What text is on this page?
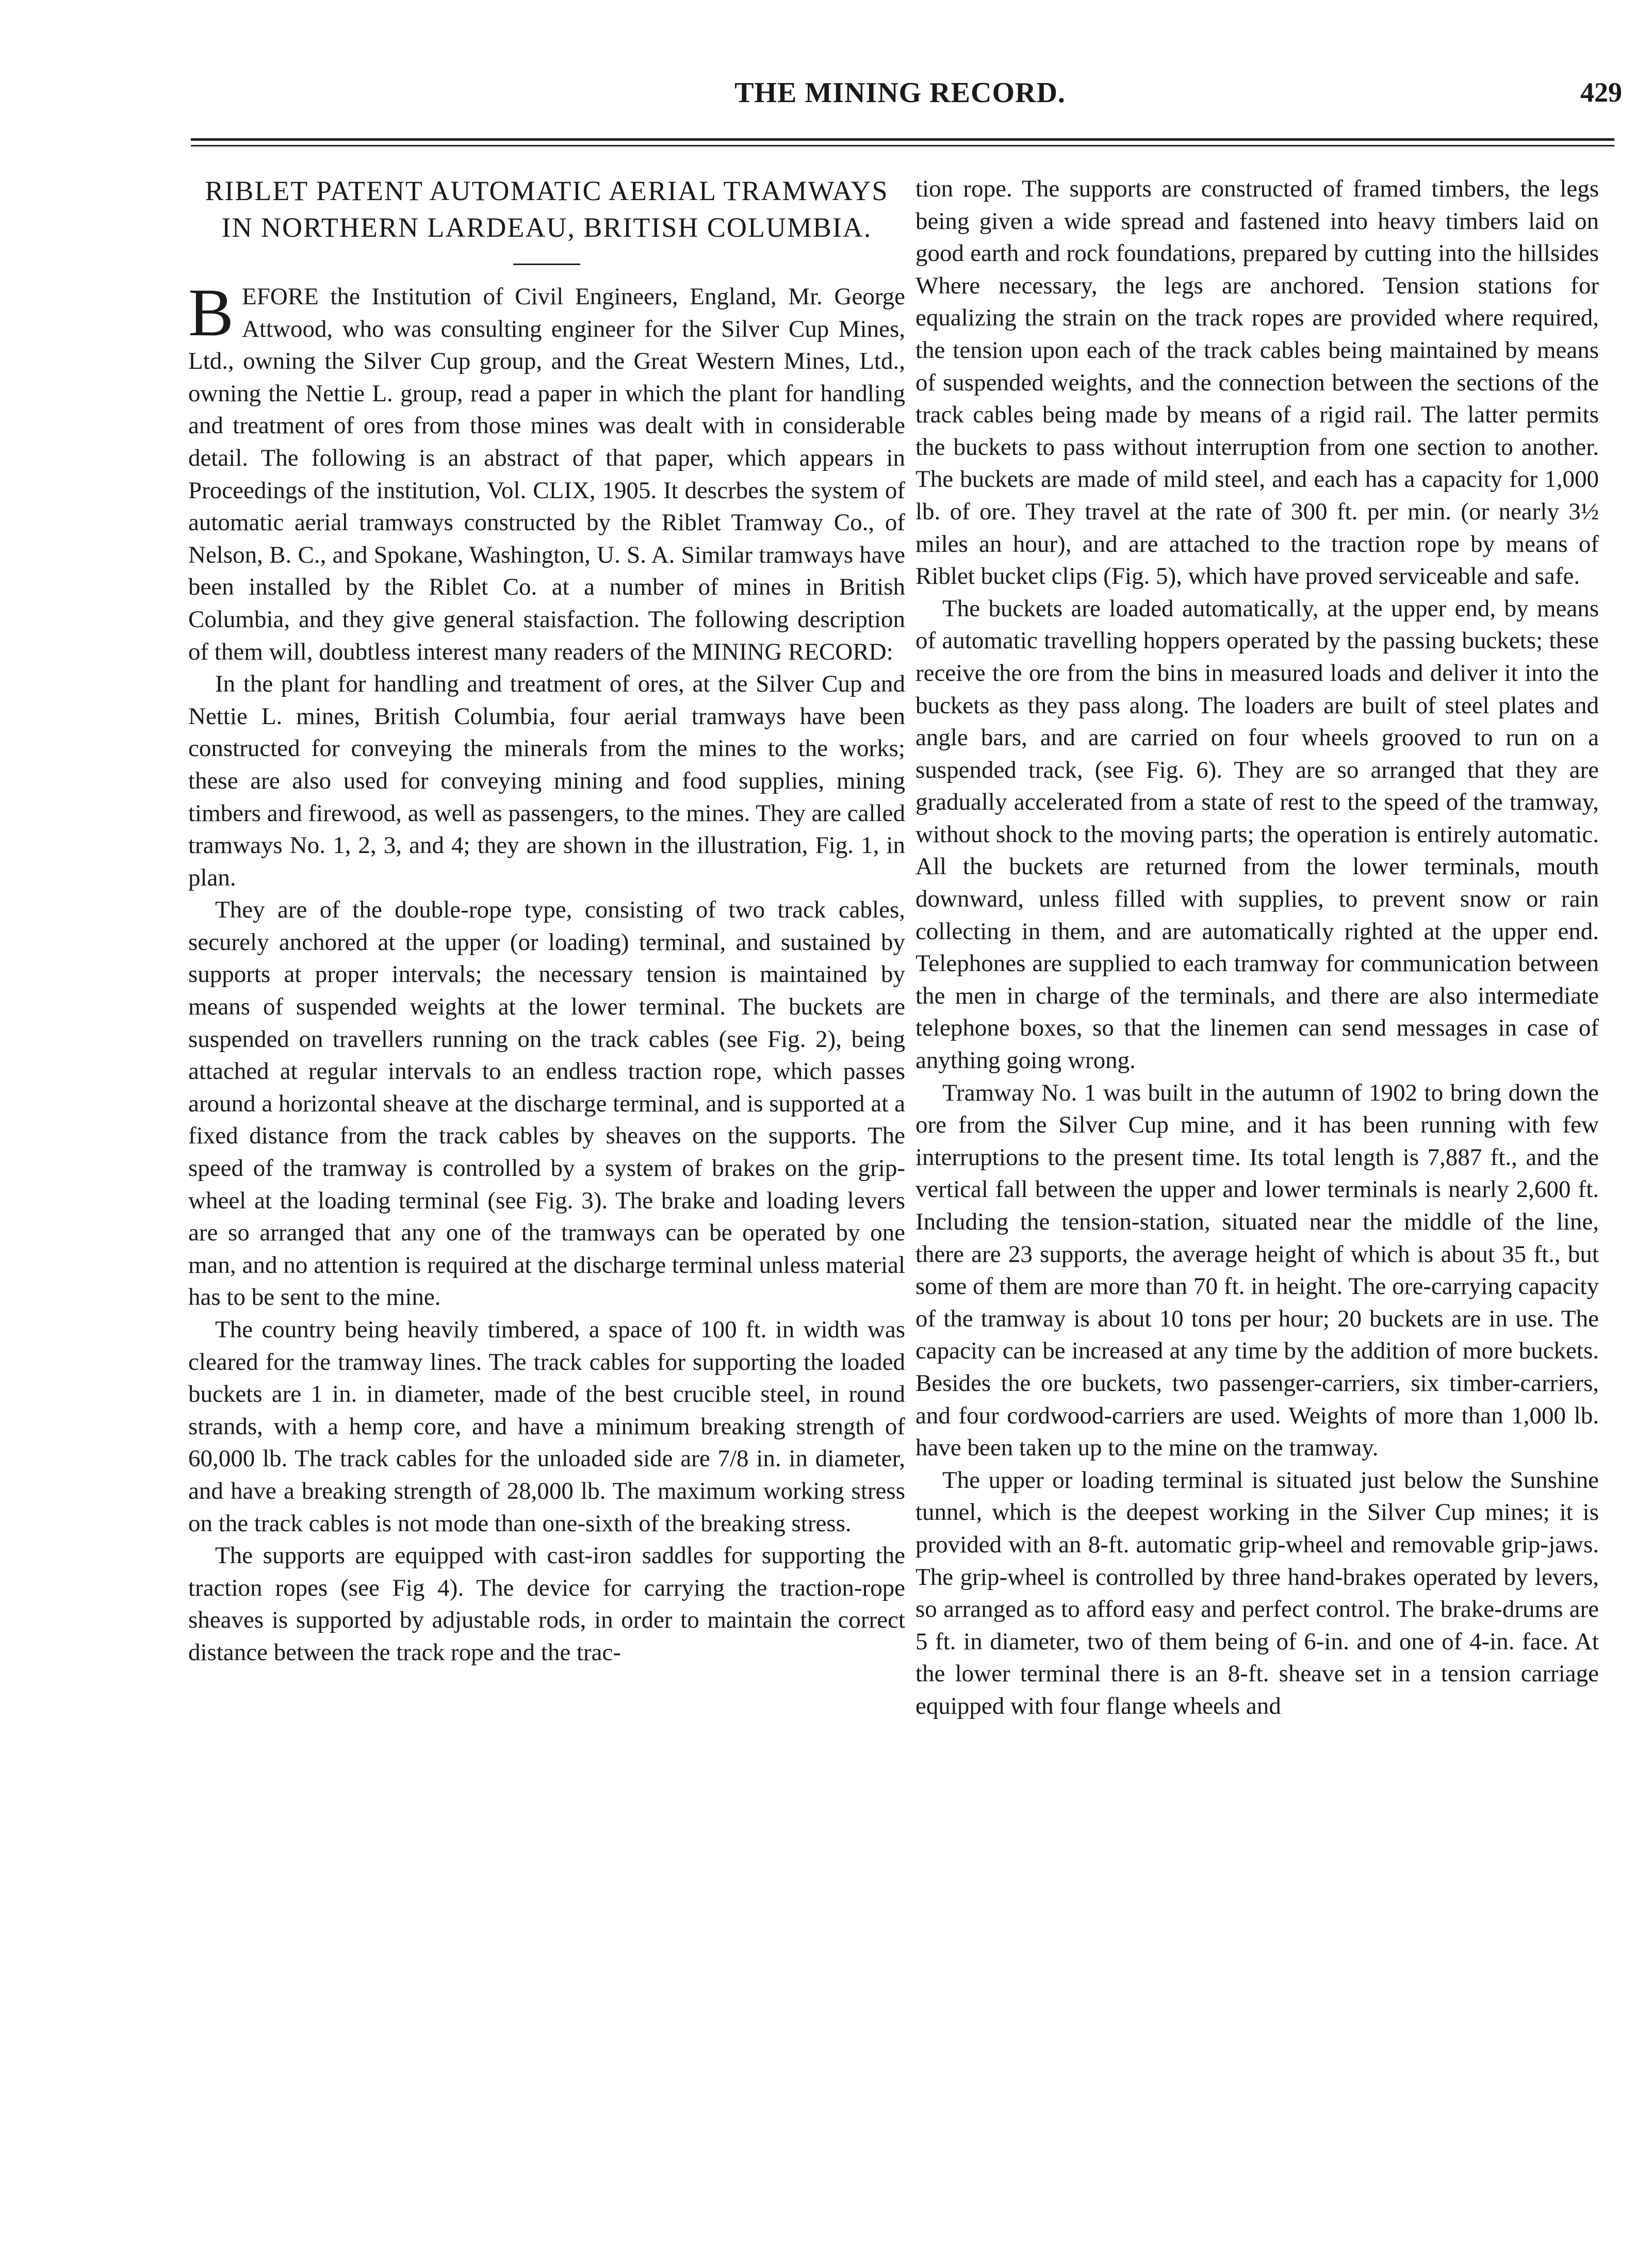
THE MINING RECORD.	429
RIBLET PATENT AUTOMATIC AERIAL TRAMWAYS IN NORTHERN LARDEAU, BRITISH COLUMBIA.

BEFORE the Institution of Civil Engineers, England, Mr. George Attwood, who was consulting engineer for the Silver Cup Mines, Ltd., owning the Silver Cup group, and the Great Western Mines, Ltd., owning the Nettie L. group, read a paper in which the plant for handling and treatment of ores from those mines was dealt with in considerable detail. The following is an abstract of that paper, which appears in Proceedings of the institution, Vol. CLIX, 1905. It descrbes the system of automatic aerial tramways constructed by the Riblet Tramway Co., of Nelson, B. C., and Spokane, Washington, U. S. A. Similar tramways have been installed by the Riblet Co. at a number of mines in British Columbia, and they give general staisfaction. The following description of them will, doubtless interest many readers of the MINING RECORD:

In the plant for handling and treatment of ores, at the Silver Cup and Nettie L. mines, British Columbia, four aerial tramways have been constructed for conveying the minerals from the mines to the works; these are also used for conveying mining and food supplies, mining timbers and firewood, as well as passengers, to the mines. They are called tramways No. 1, 2, 3, and 4; they are shown in the illustration, Fig. 1, in plan.

They are of the double-rope type, consisting of two track cables, securely anchored at the upper (or loading) terminal, and sustained by supports at proper intervals; the necessary tension is maintained by means of suspended weights at the lower terminal. The buckets are suspended on travellers running on the track cables (see Fig. 2), being attached at regular intervals to an endless traction rope, which passes around a horizontal sheave at the discharge terminal, and is supported at a fixed distance from the track cables by sheaves on the supports. The speed of the tramway is controlled by a system of brakes on the grip-wheel at the loading terminal (see Fig. 3). The brake and loading levers are so arranged that any one of the tramways can be operated by one man, and no attention is required at the discharge terminal unless material has to be sent to the mine.

The country being heavily timbered, a space of 100 ft. in width was cleared for the tramway lines. The track cables for supporting the loaded buckets are 1 in. in diameter, made of the best crucible steel, in round strands, with a hemp core, and have a minimum breaking strength of 60,000 lb. The track cables for the unloaded side are 7/8 in. in diameter, and have a breaking strength of 28,000 lb. The maximum working stress on the track cables is not mode than one-sixth of the breaking stress.

The supports are equipped with cast-iron saddles for supporting the traction ropes (see Fig 4). The device for carrying the traction-rope sheaves is supported by adjustable rods, in order to maintain the correct distance between the track rope and the trac-

tion rope. The supports are constructed of framed timbers, the legs being given a wide spread and fastened into heavy timbers laid on good earth and rock foundations, prepared by cutting into the hillsides Where necessary, the legs are anchored. Tension stations for equalizing the strain on the track ropes are provided where required, the tension upon each of the track cables being maintained by means of suspended weights, and the connection between the sections of the track cables being made by means of a rigid rail. The latter permits the buckets to pass without interruption from one section to another. The buckets are made of mild steel, and each has a capacity for 1,000 lb. of ore. They travel at the rate of 300 ft. per min. (or nearly 3½ miles an hour), and are attached to the traction rope by means of Riblet bucket clips (Fig. 5), which have proved serviceable and safe.

The buckets are loaded automatically, at the upper end, by means of automatic travelling hoppers operated by the passing buckets; these receive the ore from the bins in measured loads and deliver it into the buckets as they pass along. The loaders are built of steel plates and angle bars, and are carried on four wheels grooved to run on a suspended track, (see Fig. 6). They are so arranged that they are gradually accelerated from a state of rest to the speed of the tramway, without shock to the moving parts; the operation is entirely automatic. All the buckets are returned from the lower terminals, mouth downward, unless filled with supplies, to prevent snow or rain collecting in them, and are automatically righted at the upper end. Telephones are supplied to each tramway for communication between the men in charge of the terminals, and there are also intermediate telephone boxes, so that the linemen can send messages in case of anything going wrong.

Tramway No. 1 was built in the autumn of 1902 to bring down the ore from the Silver Cup mine, and it has been running with few interruptions to the present time. Its total length is 7,887 ft., and the vertical fall between the upper and lower terminals is nearly 2,600 ft. Including the tension-station, situated near the middle of the line, there are 23 supports, the average height of which is about 35 ft., but some of them are more than 70 ft. in height. The ore-carrying capacity of the tramway is about 10 tons per hour; 20 buckets are in use. The capacity can be increased at any time by the addition of more buckets. Besides the ore buckets, two passenger-carriers, six timber-carriers, and four cordwood-carriers are used. Weights of more than 1,000 lb. have been taken up to the mine on the tramway.

The upper or loading terminal is situated just below the Sunshine tunnel, which is the deepest working in the Silver Cup mines; it is provided with an 8-ft. automatic grip-wheel and removable grip-jaws. The grip-wheel is controlled by three hand-brakes operated by levers, so arranged as to afford easy and perfect control. The brake-drums are 5 ft. in diameter, two of them being of 6-in. and one of 4-in. face. At the lower terminal there is an 8-ft. sheave set in a tension carriage equipped with four flange wheels and
